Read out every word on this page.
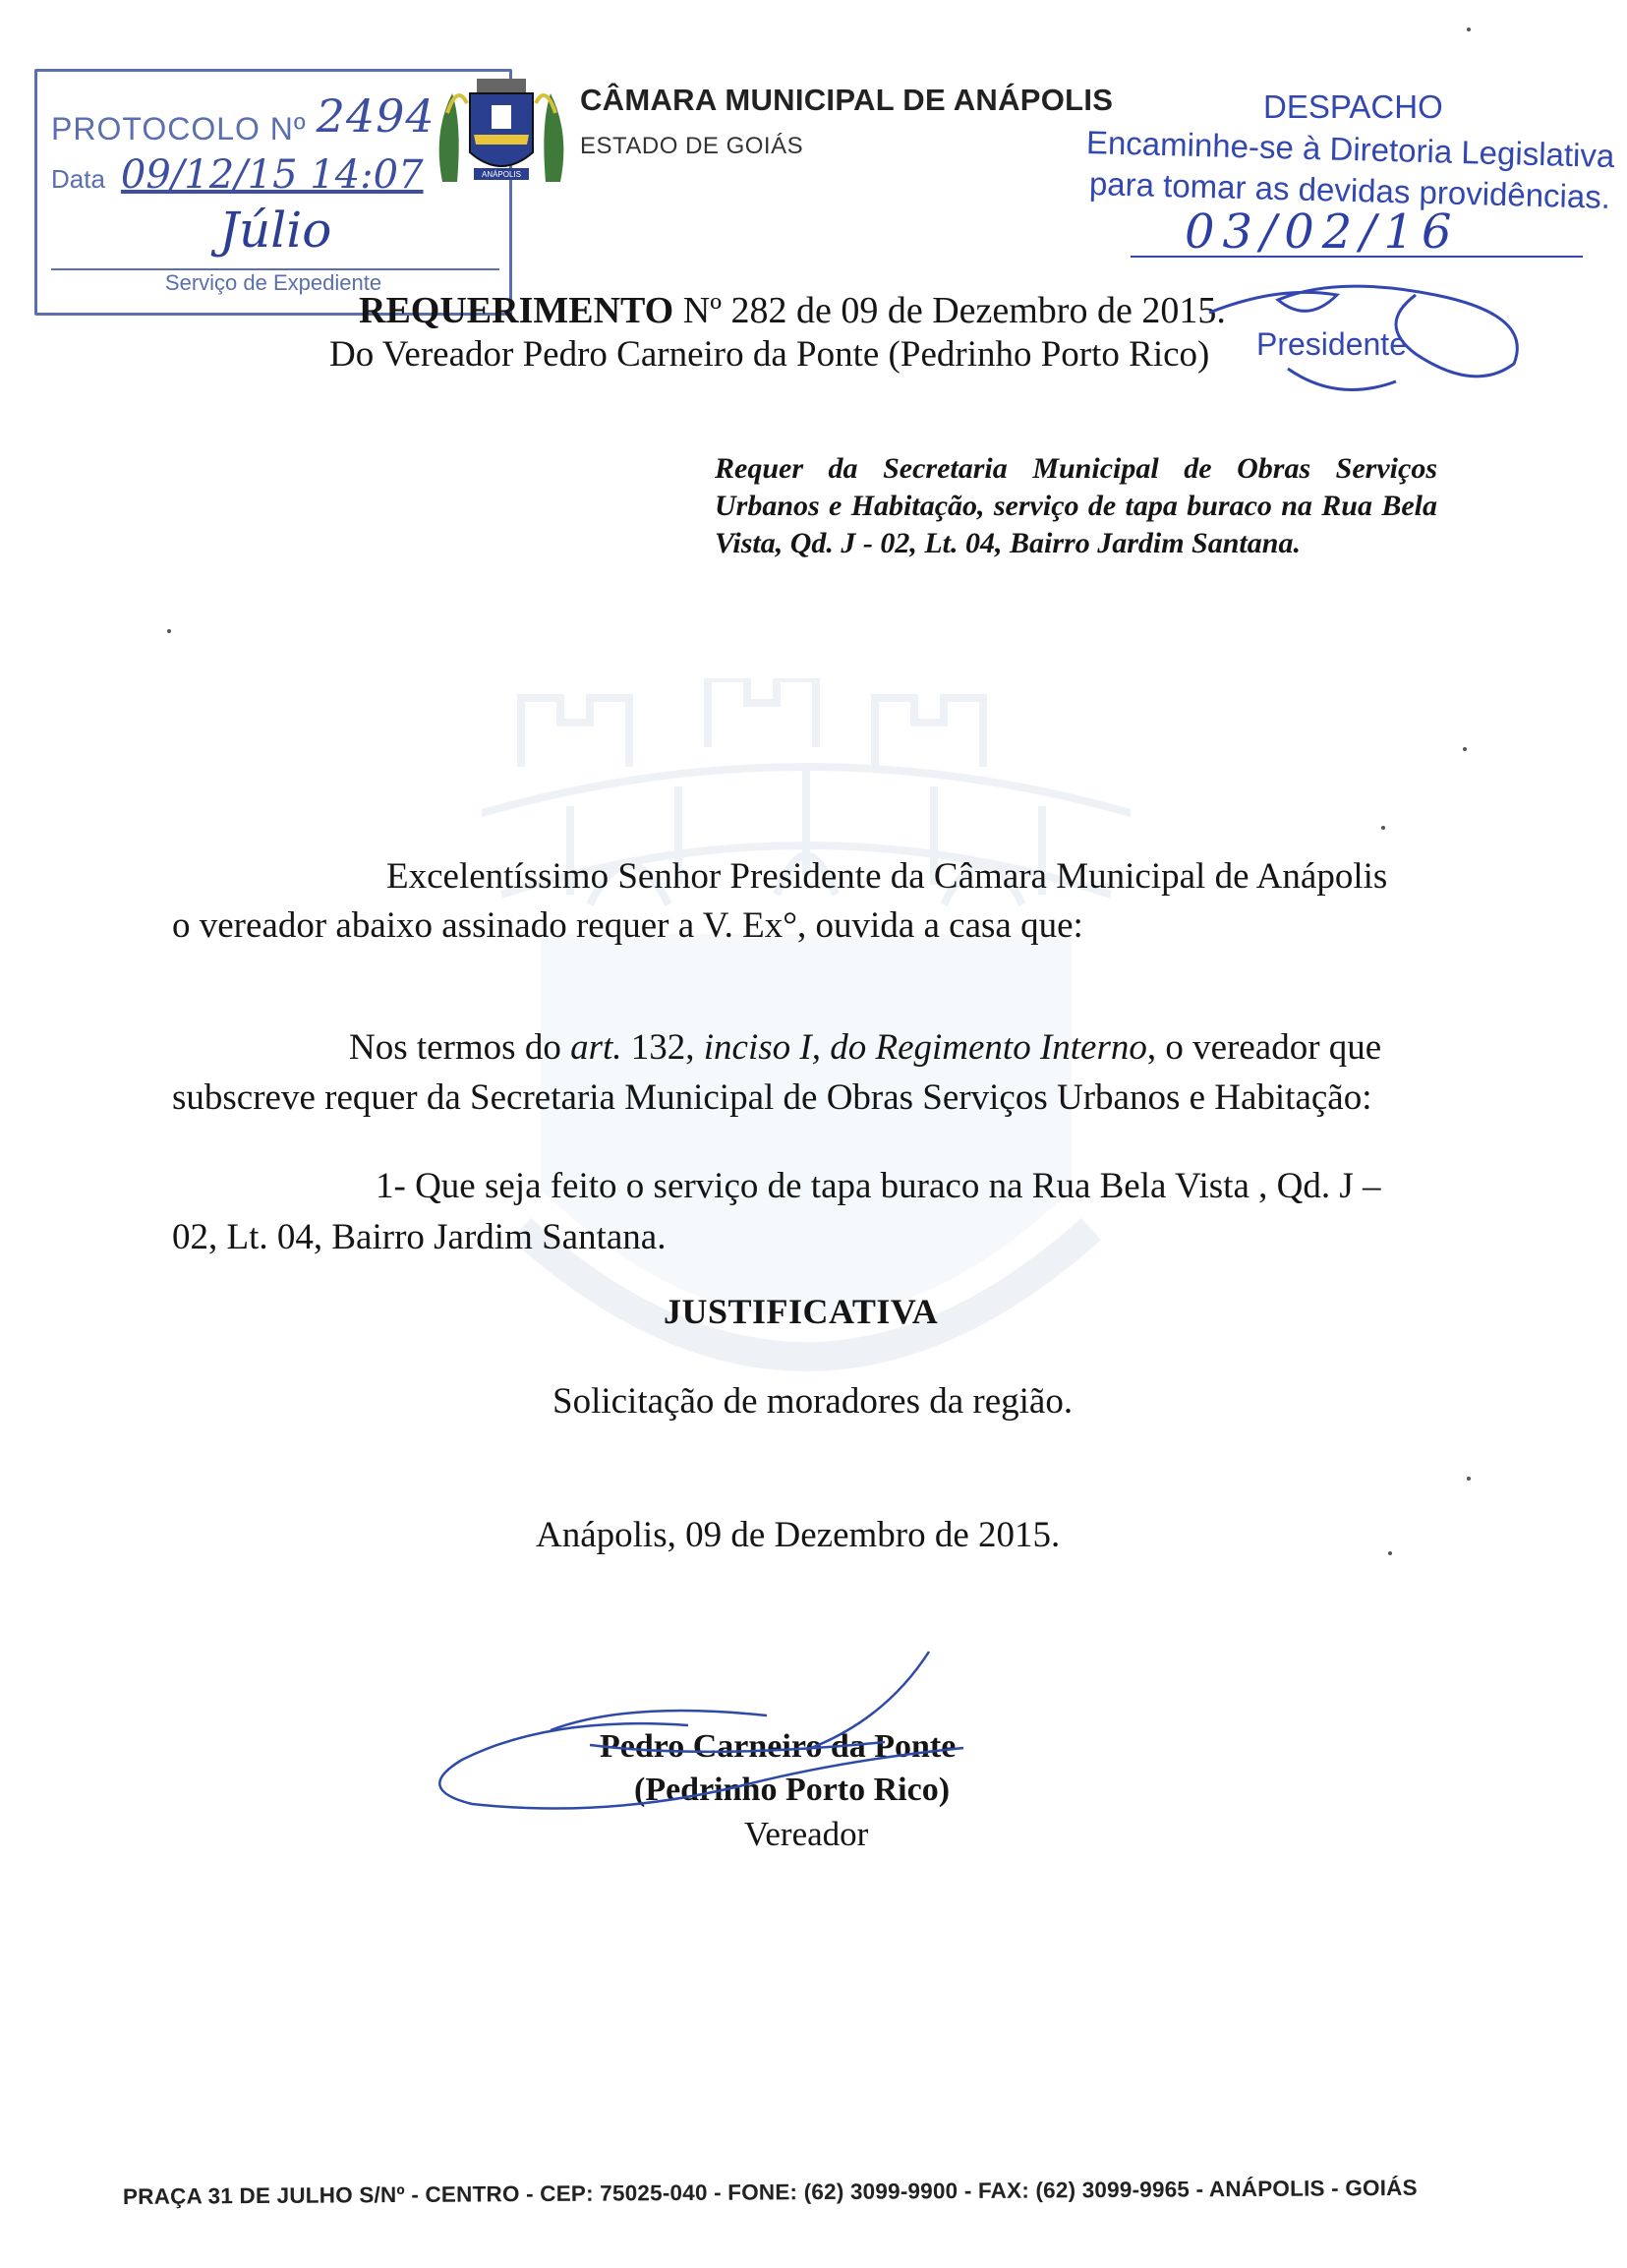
PROTOCOLO Nº 2494
Data 09/12/15 14:07
Júlio
Serviço de Expediente
ANÁPOLIS
CÂMARA MUNICIPAL DE ANÁPOLIS
ESTADO DE GOIÁS
DESPACHO
Encaminhe-se à Diretoria Legislativa
para tomar as devidas providências.
03/02/16
Presidente
REQUERIMENTO Nº 282 de 09 de Dezembro de 2015.
Do Vereador Pedro Carneiro da Ponte (Pedrinho Porto Rico)
Requer da Secretaria Municipal de Obras Serviços Urbanos e Habitação, serviço de tapa buraco na Rua Bela Vista, Qd. J - 02, Lt. 04, Bairro Jardim Santana.
Excelentíssimo Senhor Presidente da Câmara Municipal de Anápolis
o vereador abaixo assinado requer a V. Ex°, ouvida a casa que:
Nos termos do art. 132, inciso I, do Regimento Interno, o vereador que
subscreve requer da Secretaria Municipal de Obras Serviços Urbanos e Habitação:
1- Que seja feito o serviço de tapa buraco na Rua Bela Vista , Qd. J –
02, Lt. 04, Bairro Jardim Santana.
JUSTIFICATIVA
Solicitação de moradores da região.
Anápolis, 09 de Dezembro de 2015.
Pedro Carneiro da Ponte
(Pedrinho Porto Rico)
Vereador
PRAÇA 31 DE JULHO S/Nº - CENTRO - CEP: 75025-040 - FONE: (62) 3099-9900 - FAX: (62) 3099-9965 - ANÁPOLIS - GOIÁS
